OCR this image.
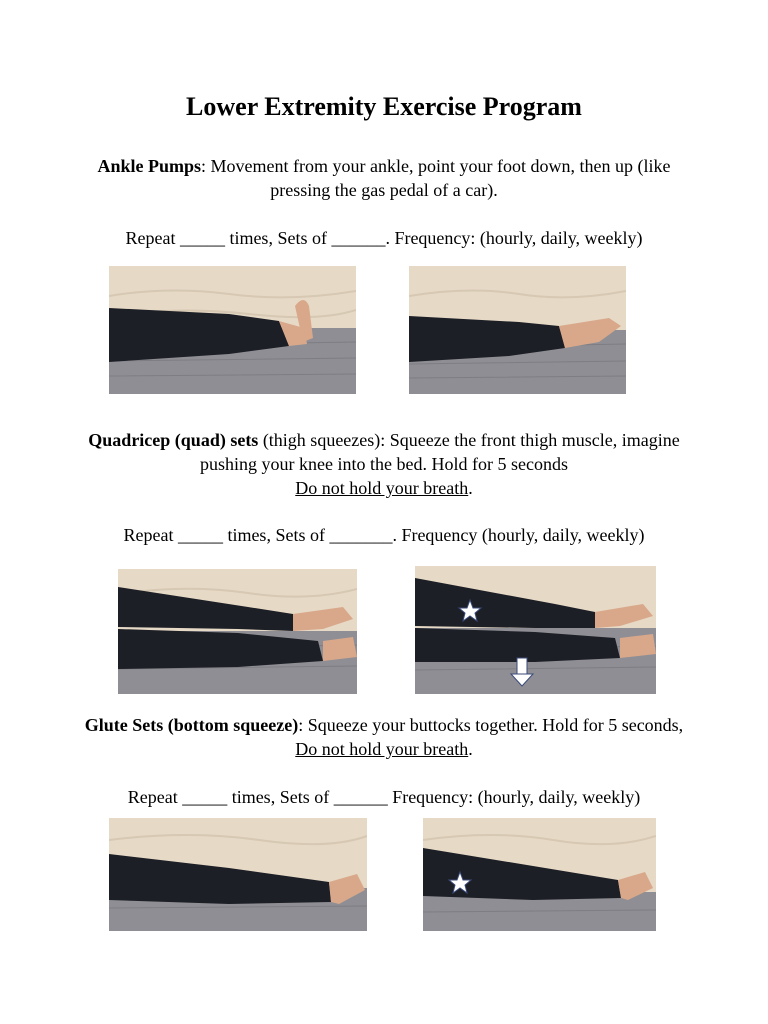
Lower Extremity Exercise Program
Ankle Pumps: Movement from your ankle, point your foot down, then up (like pressing the gas pedal of a car).
Repeat _____ times, Sets of ______. Frequency: (hourly, daily, weekly)
Quadricep (quad) sets (thigh squeezes): Squeeze the front thigh muscle, imagine pushing your knee into the bed. Hold for 5 seconds
Do not hold your breath.
Repeat _____ times, Sets of _______. Frequency (hourly, daily, weekly)
Glute Sets (bottom squeeze): Squeeze your buttocks together. Hold for 5 seconds, Do not hold your breath.
Repeat _____ times, Sets of ______ Frequency: (hourly, daily, weekly)
